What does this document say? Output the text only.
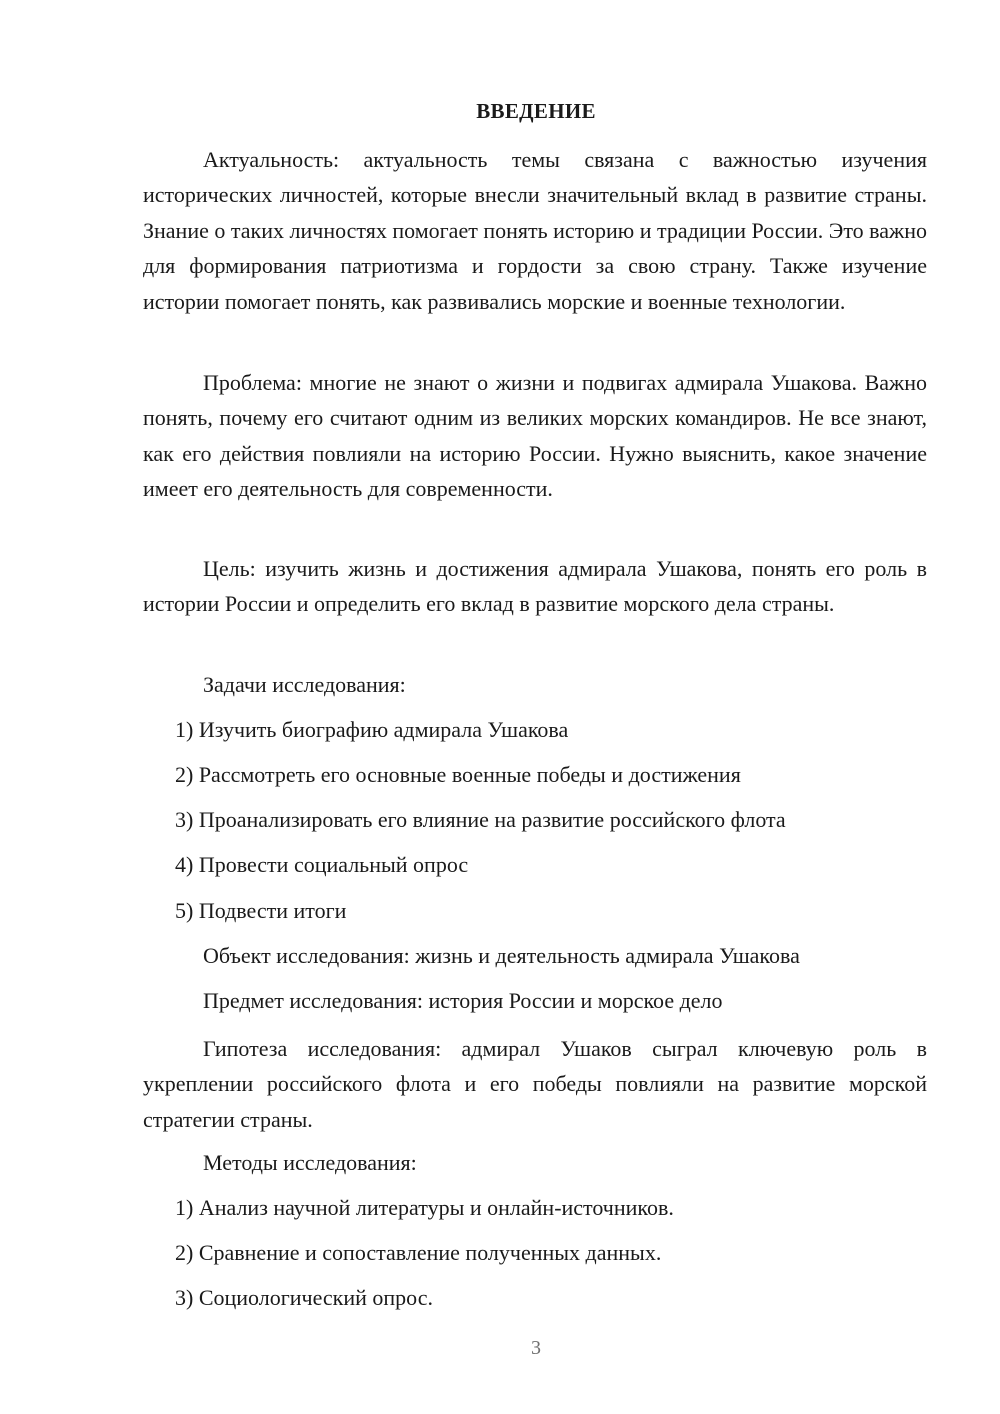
ВВЕДЕНИЕ

Актуальность: актуальность темы связана с важностью изучения исторических личностей, которые внесли значительный вклад в развитие страны. Знание о таких личностях помогает понять историю и традиции России. Это важно для формирования патриотизма и гордости за свою страну. Также изучение истории помогает понять, как развивались морские и военные технологии.

Проблема: многие не знают о жизни и подвигах адмирала Ушакова. Важно понять, почему его считают одним из великих морских командиров. Не все знают, как его действия повлияли на историю России. Нужно выяснить, какое значение имеет его деятельность для современности.

Цель: изучить жизнь и достижения адмирала Ушакова, понять его роль в истории России и определить его вклад в развитие морского дела страны.

Задачи исследования:

1) Изучить биографию адмирала Ушакова

2) Рассмотреть его основные военные победы и достижения

3) Проанализировать его влияние на развитие российского флота

4) Провести социальный опрос

5) Подвести итоги

Объект исследования: жизнь и деятельность адмирала Ушакова

Предмет исследования: история России и морское дело

Гипотеза исследования: адмирал Ушаков сыграл ключевую роль в укреплении российского флота и его победы повлияли на развитие морской стратегии страны.

Методы исследования:

1) Анализ научной литературы и онлайн-источников.

2) Сравнение и сопоставление полученных данных.

3) Социологический опрос.

3
